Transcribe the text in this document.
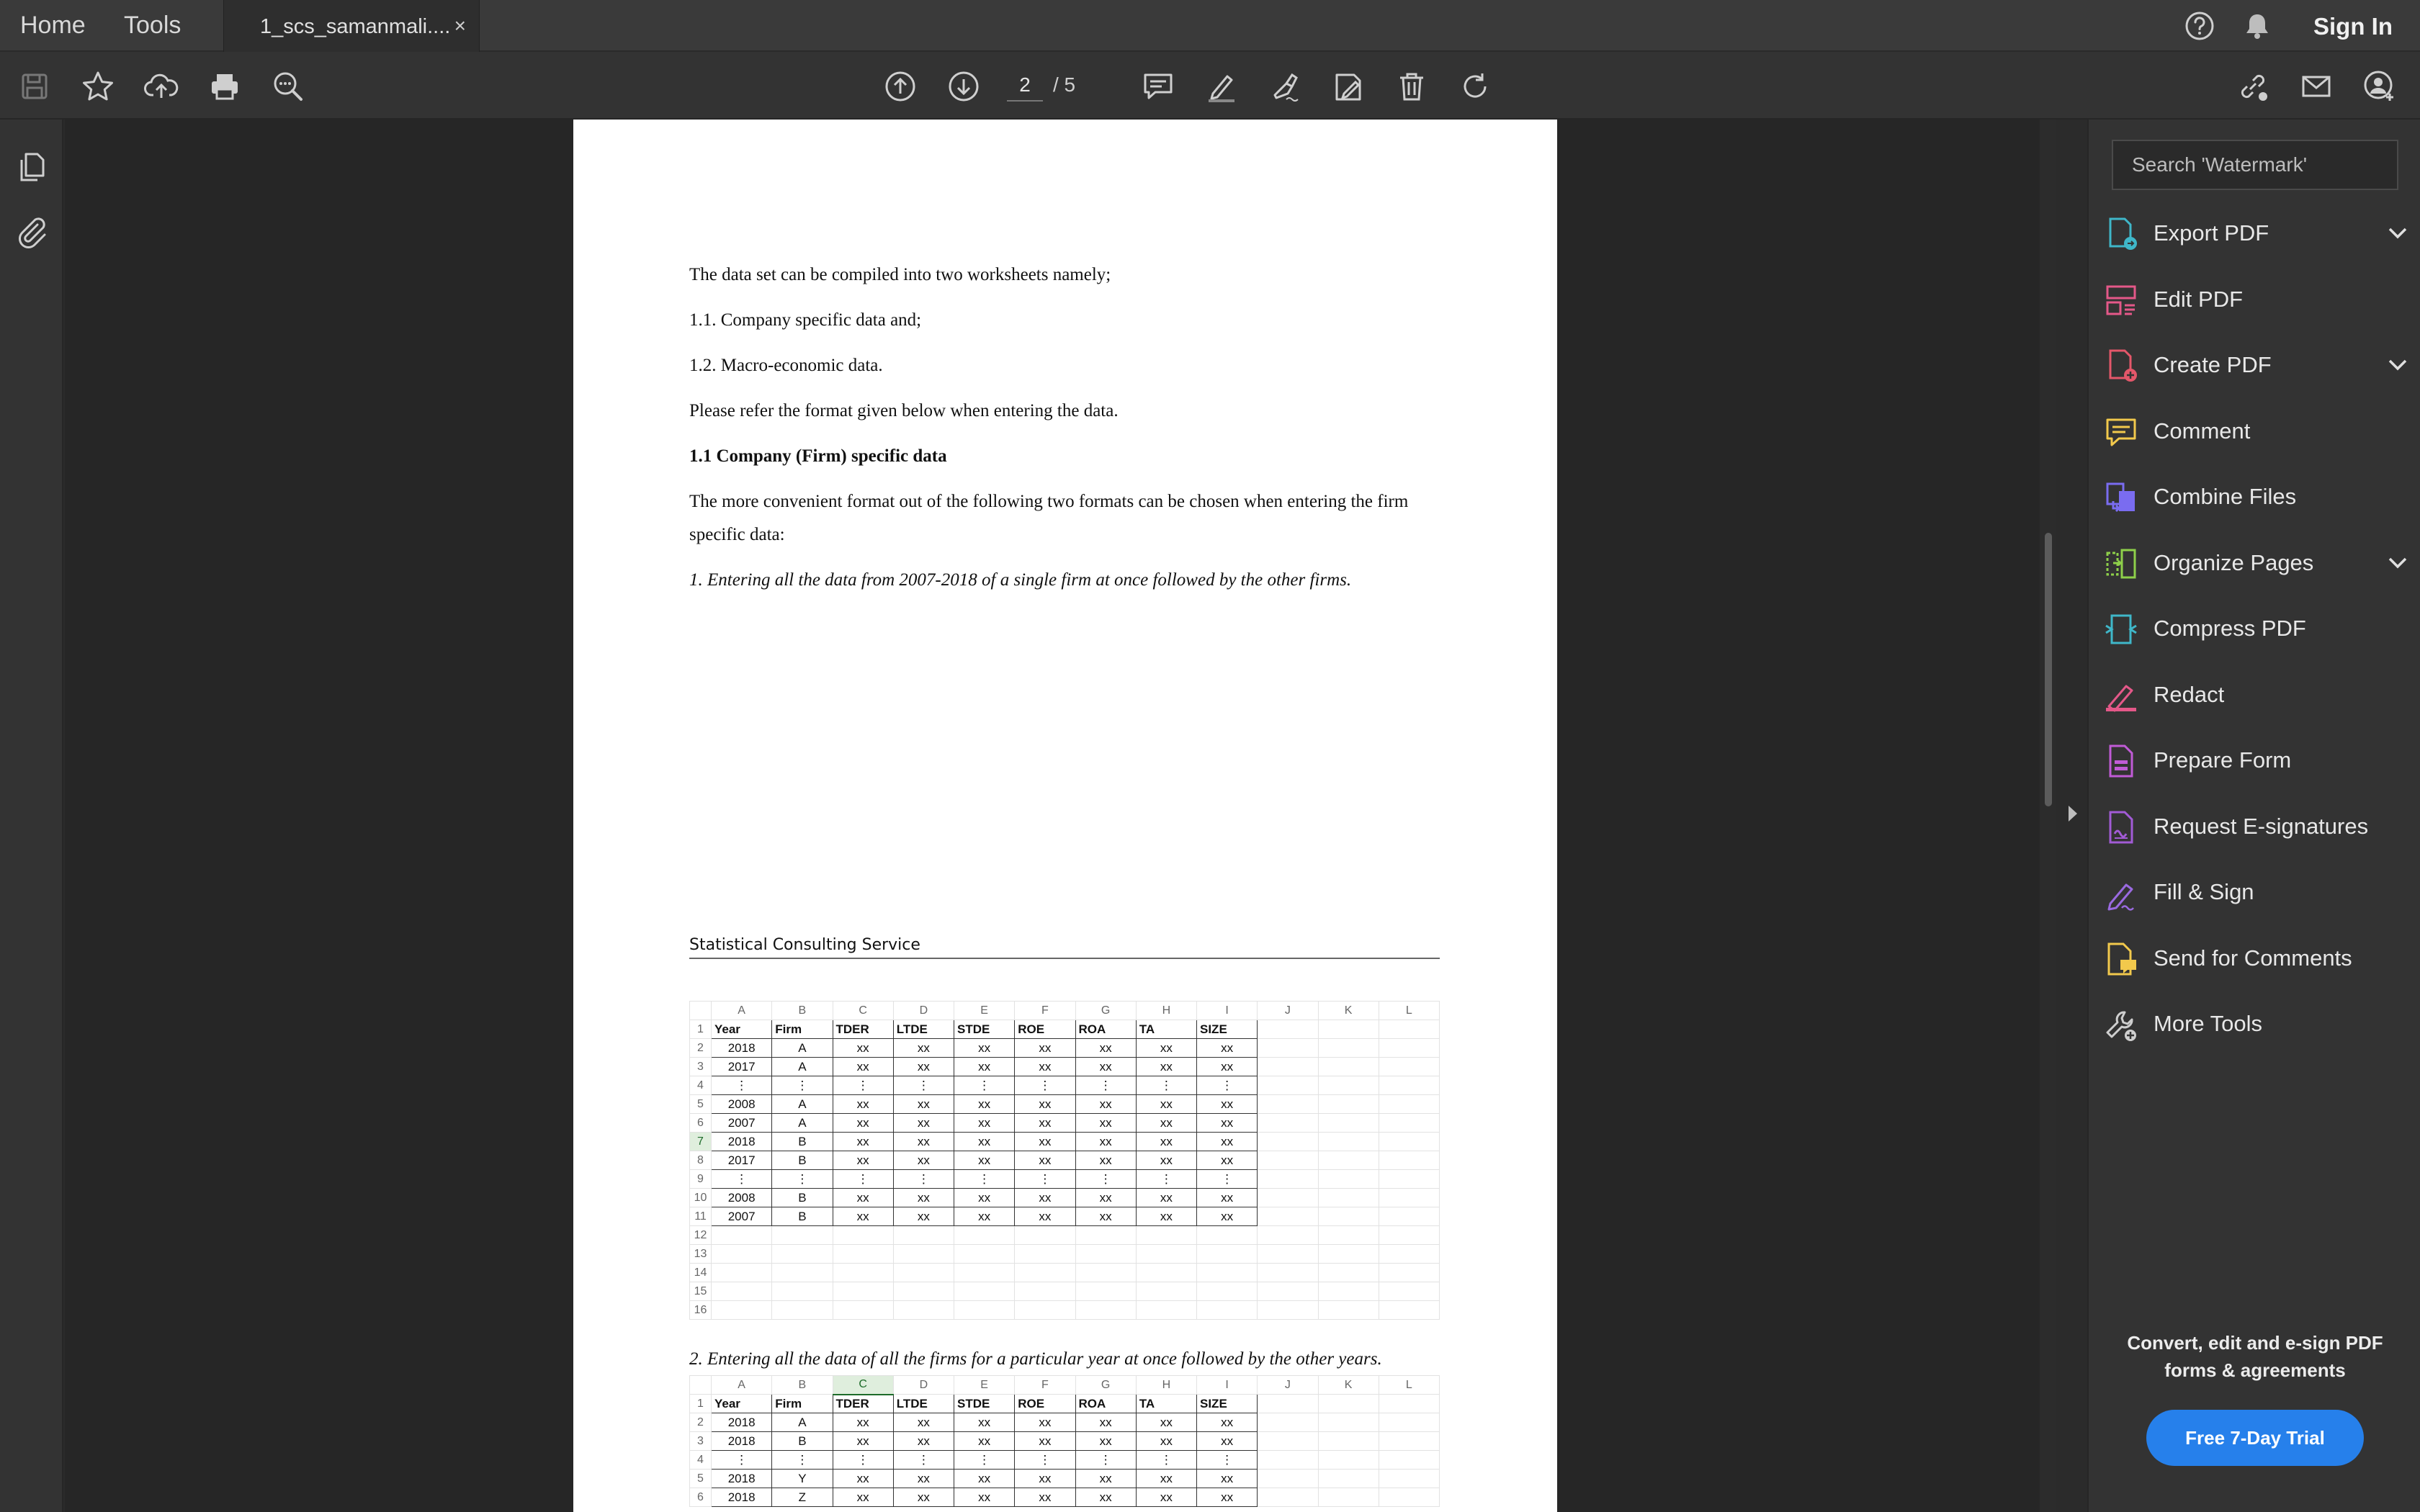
Home Tools	1_scs_samanmali.... ×	Sign In
2
/ 5
The data set can be compiled into two worksheets namely;
1.1. Company specific data and;
1.2. Macro-economic data.
Please refer the format given below when entering the data.
1.1 Company (Firm) specific data
The more convenient format out of the following two formats can be chosen when entering the firm
specific data:
1. Entering all the data from 2007-2018 of a single firm at once followed by the other firms.
Statistical Consulting Service
	A	B	C	D	E	F	G	H	I	J	K	L
1	Year	Firm	TDER	LTDE	STDE	ROE	ROA	TA	SIZE			
2	2018	A	xx	xx	xx	xx	xx	xx	xx			
3	2017	A	xx	xx	xx	xx	xx	xx	xx			
4	⋮	⋮	⋮	⋮	⋮	⋮	⋮	⋮	⋮			
5	2008	A	xx	xx	xx	xx	xx	xx	xx			
6	2007	A	xx	xx	xx	xx	xx	xx	xx			
7	2018	B	xx	xx	xx	xx	xx	xx	xx			
8	2017	B	xx	xx	xx	xx	xx	xx	xx			
9	⋮	⋮	⋮	⋮	⋮	⋮	⋮	⋮	⋮			
10	2008	B	xx	xx	xx	xx	xx	xx	xx			
11	2007	B	xx	xx	xx	xx	xx	xx	xx			
12												
13												
14												
15												
16												
2. Entering all the data of all the firms for a particular year at once followed by the other years.
	A	B	C	D	E	F	G	H	I	J	K	L
1	Year	Firm	TDER	LTDE	STDE	ROE	ROA	TA	SIZE			
2	2018	A	xx	xx	xx	xx	xx	xx	xx			
3	2018	B	xx	xx	xx	xx	xx	xx	xx			
4	⋮	⋮	⋮	⋮	⋮	⋮	⋮	⋮	⋮			
5	2018	Y	xx	xx	xx	xx	xx	xx	xx			
6	2018	Z	xx	xx	xx	xx	xx	xx	xx			
Search 'Watermark'
Export PDF
Edit PDF
Create PDF
Comment
Combine Files
Organize Pages
Compress PDF
Redact
Prepare Form
Request E-signatures
Fill & Sign
Send for Comments
More Tools
Convert, edit and e-sign PDF forms & agreements
Free 7-Day Trial
